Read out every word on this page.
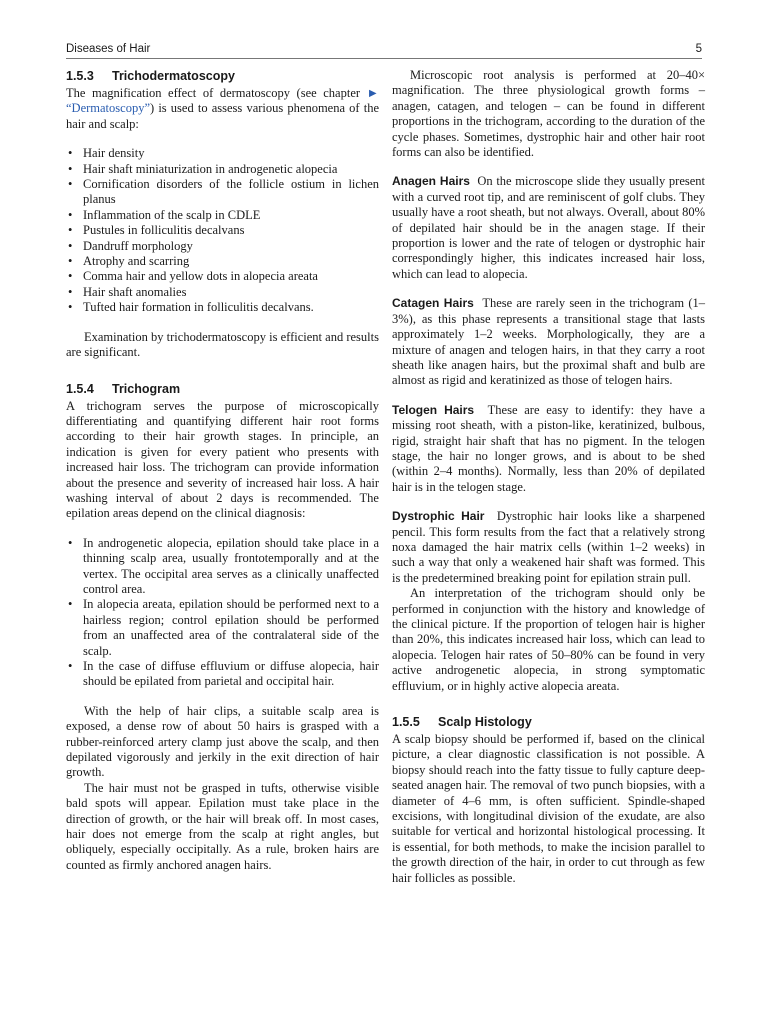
Diseases of Hair	5
1.5.3 Trichodermatoscopy

The magnification effect of dermatoscopy (see chapter ► “Dermatoscopy”) is used to assess various phenomena of the hair and scalp:

• Hair density
• Hair shaft miniaturization in androgenetic alopecia
• Cornification disorders of the follicle ostium in lichen planus
• Inflammation of the scalp in CDLE
• Pustules in folliculitis decalvans
• Dandruff morphology
• Atrophy and scarring
• Comma hair and yellow dots in alopecia areata
• Hair shaft anomalies
• Tufted hair formation in folliculitis decalvans.

Examination by trichodermatoscopy is efficient and results are significant.

1.5.4 Trichogram

A trichogram serves the purpose of microscopically differentiating and quantifying different hair root forms according to their hair growth stages. In principle, an indication is given for every patient who presents with increased hair loss. The trichogram can provide information about the presence and severity of increased hair loss. A hair washing interval of about 2 days is recommended. The epilation areas depend on the clinical diagnosis:

• In androgenetic alopecia, epilation should take place in a thinning scalp area, usually frontotemporally and at the vertex. The occipital area serves as a clinically unaffected control area.
• In alopecia areata, epilation should be performed next to a hairless region; control epilation should be performed from an unaffected area of the contralateral side of the scalp.
• In the case of diffuse effluvium or diffuse alopecia, hair should be epilated from parietal and occipital hair.

With the help of hair clips, a suitable scalp area is exposed, a dense row of about 50 hairs is grasped with a rubber-reinforced artery clamp just above the scalp, and then depilated vigorously and jerkily in the exit direction of hair growth.

The hair must not be grasped in tufts, otherwise visible bald spots will appear. Epilation must take place in the direction of growth, or the hair will break off. In most cases, hair does not emerge from the scalp at right angles, but obliquely, especially occipitally. As a rule, broken hairs are counted as firmly anchored anagen hairs.

Microscopic root analysis is performed at 20–40× magnification. The three physiological growth forms – anagen, catagen, and telogen – can be found in different proportions in the trichogram, according to the duration of the cycle phases. Sometimes, dystrophic hair and other hair root forms can also be identified.

Anagen Hairs On the microscope slide they usually present with a curved root tip, and are reminiscent of golf clubs. They usually have a root sheath, but not always. Overall, about 80% of depilated hair should be in the anagen stage. If their proportion is lower and the rate of telogen or dystrophic hair correspondingly higher, this indicates increased hair loss, which can lead to alopecia.

Catagen Hairs These are rarely seen in the trichogram (1–3%), as this phase represents a transitional stage that lasts approximately 1–2 weeks. Morphologically, they are a mixture of anagen and telogen hairs, in that they carry a root sheath like anagen hairs, but the proximal shaft and bulb are almost as rigid and keratinized as those of telogen hairs.

Telogen Hairs These are easy to identify: they have a missing root sheath, with a piston-like, keratinized, bulbous, rigid, straight hair shaft that has no pigment. In the telogen stage, the hair no longer grows, and is about to be shed (within 2–4 months). Normally, less than 20% of depilated hair is in the telogen stage.

Dystrophic Hair Dystrophic hair looks like a sharpened pencil. This form results from the fact that a relatively strong noxa damaged the hair matrix cells (within 1–2 weeks) in such a way that only a weakened hair shaft was formed. This is the predetermined breaking point for epilation strain pull.

An interpretation of the trichogram should only be performed in conjunction with the history and knowledge of the clinical picture. If the proportion of telogen hair is higher than 20%, this indicates increased hair loss, which can lead to alopecia. Telogen hair rates of 50–80% can be found in very active androgenetic alopecia, in strong symptomatic effluvium, or in highly active alopecia areata.

1.5.5 Scalp Histology

A scalp biopsy should be performed if, based on the clinical picture, a clear diagnostic classification is not possible. A biopsy should reach into the fatty tissue to fully capture deep-seated anagen hair. The removal of two punch biopsies, with a diameter of 4–6 mm, is often sufficient. Spindle-shaped excisions, with longitudinal division of the exudate, are also suitable for vertical and horizontal histological processing. It is essential, for both methods, to make the incision parallel to the growth direction of the hair, in order to cut through as few hair follicles as possible.
